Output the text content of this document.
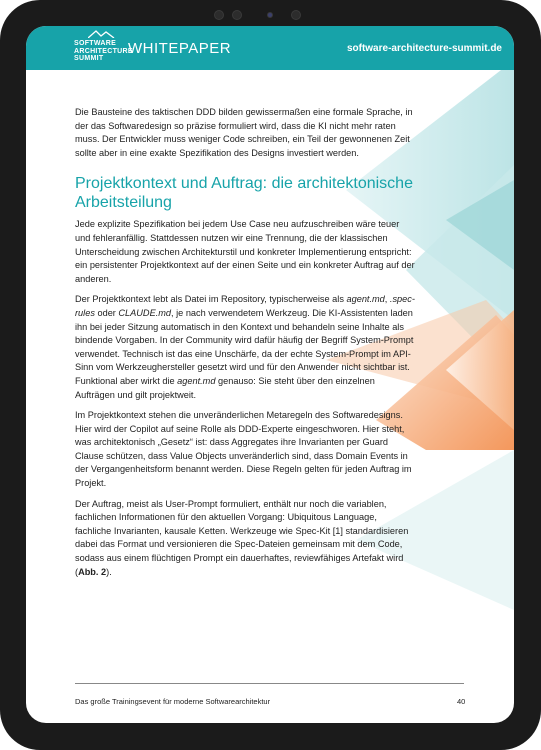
SOFTWARE
ARCHITECTURE
SUMMIT
WHITEPAPER	software-architecture-summit.de

Die Bausteine des taktischen DDD bilden gewissermaßen eine formale Sprache, in der das Softwaredesign so präzise formuliert wird, dass die KI nicht mehr raten muss. Der Entwickler muss weniger Code schreiben, ein Teil der gewonnenen Zeit sollte aber in eine exakte Spezifikation des Designs investiert werden.

Projektkontext und Auftrag: die architektonische Arbeitsteilung

Jede explizite Spezifikation bei jedem Use Case neu aufzuschreiben wäre teuer und fehleranfällig. Stattdessen nutzen wir eine Trennung, die der klassischen Unterscheidung zwischen Architekturstil und konkreter Implementierung entspricht: ein persistenter Projektkontext auf der einen Seite und ein konkreter Auftrag auf der anderen.

Der Projektkontext lebt als Datei im Repository, typischerweise als agent.md, .spec-rules oder CLAUDE.md, je nach verwendetem Werkzeug. Die KI-Assistenten laden ihn bei jeder Sitzung automatisch in den Kontext und behandeln seine Inhalte als bindende Vorgaben. In der Community wird dafür häufig der Begriff System-Prompt verwendet. Technisch ist das eine Unschärfe, da der echte System-Prompt im API-Sinn vom Werkzeughersteller gesetzt wird und für den Anwender nicht sichtbar ist. Funktional aber wirkt die agent.md genauso: Sie steht über den einzelnen Aufträgen und gilt projektweit.

Im Projektkontext stehen die unveränderlichen Metaregeln des Softwaredesigns. Hier wird der Copilot auf seine Rolle als DDD-Experte eingeschworen. Hier steht, was architektonisch „Gesetz“ ist: dass Aggregates ihre Invarianten per Guard Clause schützen, dass Value Objects unveränderlich sind, dass Domain Events in der Vergangenheitsform benannt werden. Diese Regeln gelten für jeden Auftrag im Projekt.

Der Auftrag, meist als User-Prompt formuliert, enthält nur noch die variablen, fachlichen Informationen für den aktuellen Vorgang: Ubiquitous Language, fachliche Invarianten, kausale Ketten. Werkzeuge wie Spec-Kit [1] standardisieren dabei das Format und versionieren die Spec-Dateien gemeinsam mit dem Code, sodass aus einem flüchtigen Prompt ein dauerhaftes, reviewfähiges Artefakt wird (Abb. 2).

Das große Trainingsevent für moderne Softwarearchitektur	40
